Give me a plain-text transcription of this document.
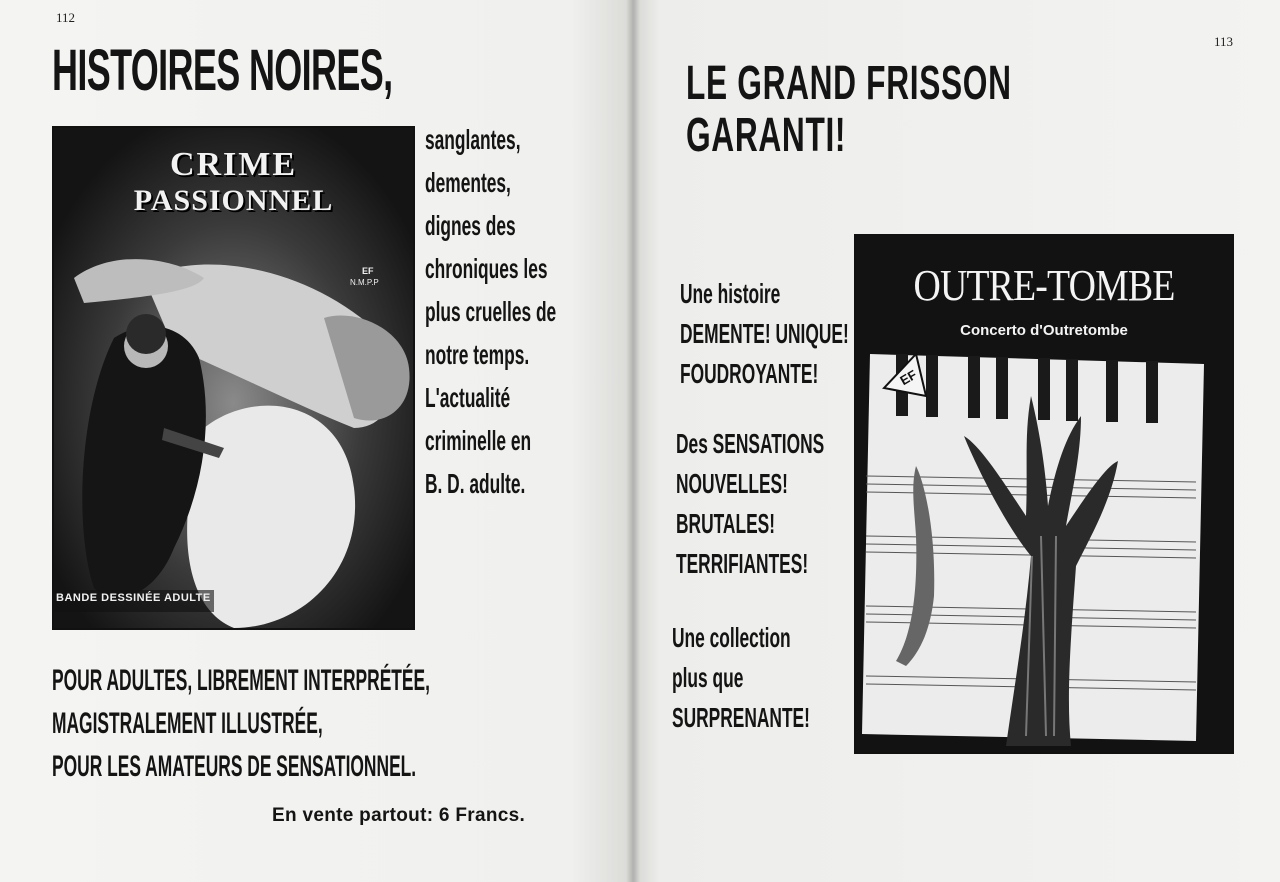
112
HISTOIRES NOIRES,
CRIME
PASSIONNEL
EF
N.M.P.P
BANDE DESSINÉE ADULTE
sanglantes,
dementes,
dignes des
chroniques les
plus cruelles de
notre temps.
L'actualité
criminelle en
B. D. adulte.
POUR ADULTES, LIBREMENT INTERPRÉTÉE,
MAGISTRALEMENT ILLUSTRÉE,
POUR LES AMATEURS DE SENSATIONNEL.
En vente partout: 6 Francs.
113
LE GRAND FRISSON
GARANTI!
Une histoire
DEMENTE! UNIQUE!
FOUDROYANTE!
Des SENSATIONS
NOUVELLES!
BRUTALES!
TERRIFIANTES!
Une collection
plus que
SURPRENANTE!
OUTRE-TOMBE
Concerto d'Outretombe
EF
